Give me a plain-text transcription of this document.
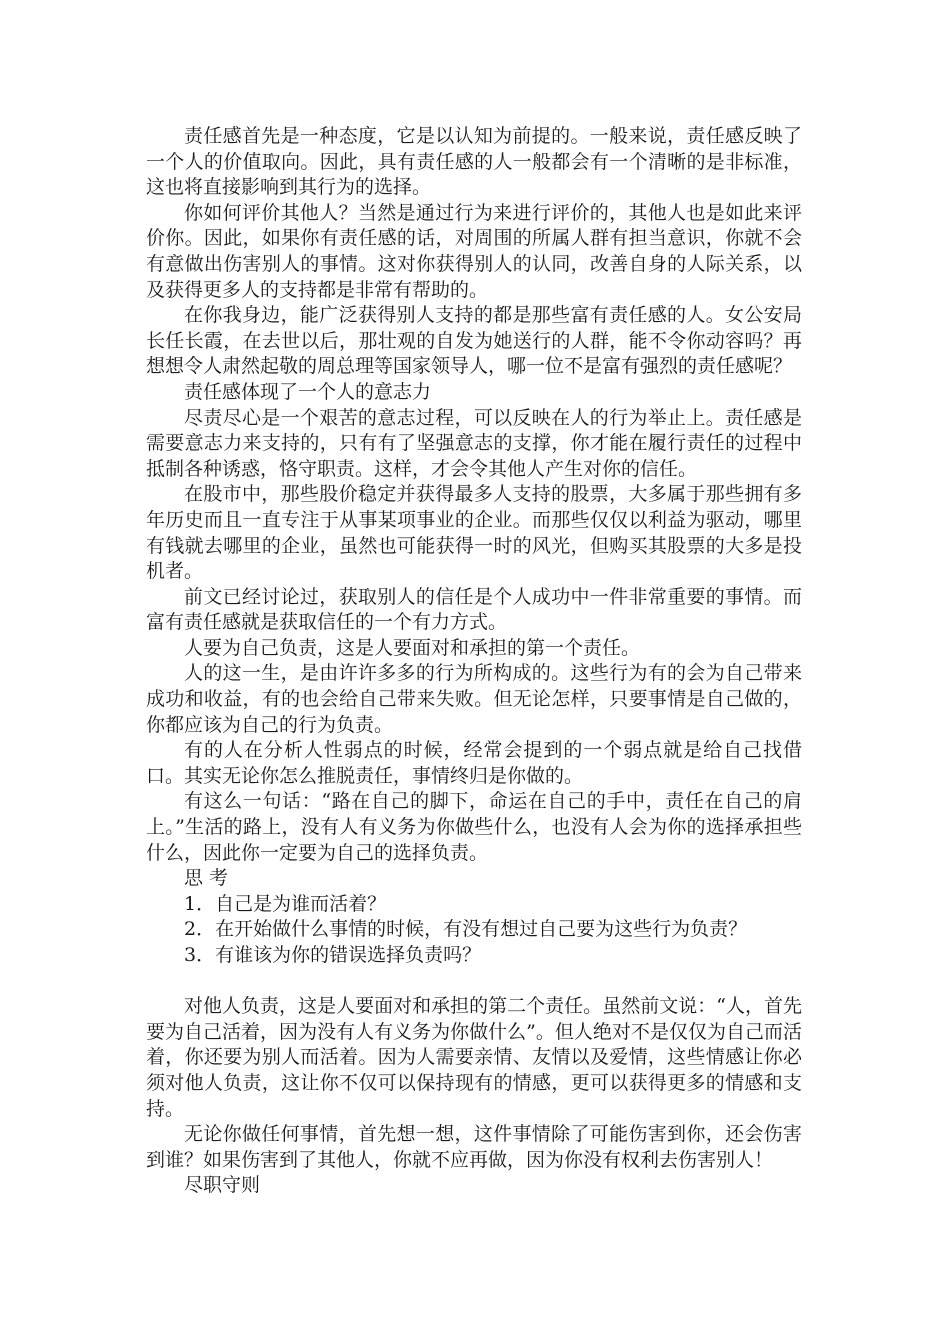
责任感首先是一种态度，它是以认知为前提的。一般来说，责任感反映了一个人的价值取向。因此，具有责任感的人一般都会有一个清晰的是非标准，这也将直接影响到其行为的选择。

你如何评价其他人？当然是通过行为来进行评价的，其他人也是如此来评价你。因此，如果你有责任感的话，对周围的所属人群有担当意识，你就不会有意做出伤害别人的事情。这对你获得别人的认同，改善自身的人际关系，以及获得更多人的支持都是非常有帮助的。

在你我身边，能广泛获得别人支持的都是那些富有责任感的人。女公安局长任长霞，在去世以后，那壮观的自发为她送行的人群，能不令你动容吗？再想想令人肃然起敬的周总理等国家领导人，哪一位不是富有强烈的责任感呢？

责任感体现了一个人的意志力

尽责尽心是一个艰苦的意志过程，可以反映在人的行为举止上。责任感是需要意志力来支持的，只有有了坚强意志的支撑，你才能在履行责任的过程中抵制各种诱惑，恪守职责。这样，才会令其他人产生对你的信任。

在股市中，那些股价稳定并获得最多人支持的股票，大多属于那些拥有多年历史而且一直专注于从事某项事业的企业。而那些仅仅以利益为驱动，哪里有钱就去哪里的企业，虽然也可能获得一时的风光，但购买其股票的大多是投机者。

前文已经讨论过，获取别人的信任是个人成功中一件非常重要的事情。而富有责任感就是获取信任的一个有力方式。

人要为自己负责，这是人要面对和承担的第一个责任。

人的这一生，是由许许多多的行为所构成的。这些行为有的会为自己带来成功和收益，有的也会给自己带来失败。但无论怎样，只要事情是自己做的，你都应该为自己的行为负责。

有的人在分析人性弱点的时候，经常会提到的一个弱点就是给自己找借口。其实无论你怎么推脱责任，事情终归是你做的。

有这么一句话：“路在自己的脚下，命运在自己的手中，责任在自己的肩上。”生活的路上，没有人有义务为你做些什么，也没有人会为你的选择承担些什么，因此你一定要为自己的选择负责。

思 考

1．自己是为谁而活着？

2．在开始做什么事情的时候，有没有想过自己要为这些行为负责？

3．有谁该为你的错误选择负责吗？

对他人负责，这是人要面对和承担的第二个责任。虽然前文说：“人，首先要为自己活着，因为没有人有义务为你做什么”。但人绝对不是仅仅为自己而活着，你还要为别人而活着。因为人需要亲情、友情以及爱情，这些情感让你必须对他人负责，这让你不仅可以保持现有的情感，更可以获得更多的情感和支持。

无论你做任何事情，首先想一想，这件事情除了可能伤害到你，还会伤害到谁？如果伤害到了其他人，你就不应再做，因为你没有权利去伤害别人！

尽职守则
